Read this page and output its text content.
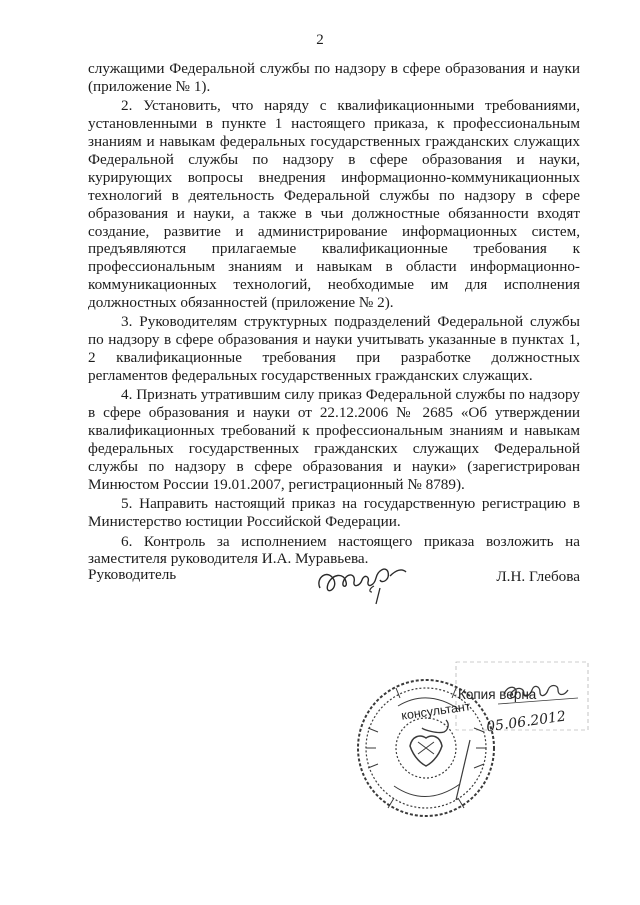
2

служащими Федеральной службы по надзору в сфере образования и науки (приложение № 1).

2. Установить, что наряду с квалификационными требованиями, установленными в пункте 1 настоящего приказа, к профессиональным знаниям и навыкам федеральных государственных гражданских служащих Федеральной службы по надзору в сфере образования и науки, курирующих вопросы внедрения информационно-коммуникационных технологий в деятельность Федеральной службы по надзору в сфере образования и науки, а также в чьи должностные обязанности входят создание, развитие и администрирование информационных систем, предъявляются прилагаемые квалификационные требования к профессиональным знаниям и навыкам в области информационно-коммуникационных технологий, необходимые им для исполнения должностных обязанностей (приложение № 2).

3. Руководителям структурных подразделений Федеральной службы по надзору в сфере образования и науки учитывать указанные в пунктах 1, 2 квалификационные требования при разработке должностных регламентов федеральных государственных гражданских служащих.

4. Признать утратившим силу приказ Федеральной службы по надзору в сфере образования и науки от 22.12.2006 № 2685 «Об утверждении квалификационных требований к профессиональным знаниям и навыкам федеральных государственных гражданских служащих Федеральной службы по надзору в сфере образования и науки» (зарегистрирован Минюстом России 19.01.2007, регистрационный № 8789).

5. Направить настоящий приказ на государственную регистрацию в Министерство юстиции Российской Федерации.

6. Контроль за исполнением настоящего приказа возложить на заместителя руководителя И.А. Муравьева.

Руководитель	Л.Н. Глебова
Копия верна
консультант 05.06.2012
